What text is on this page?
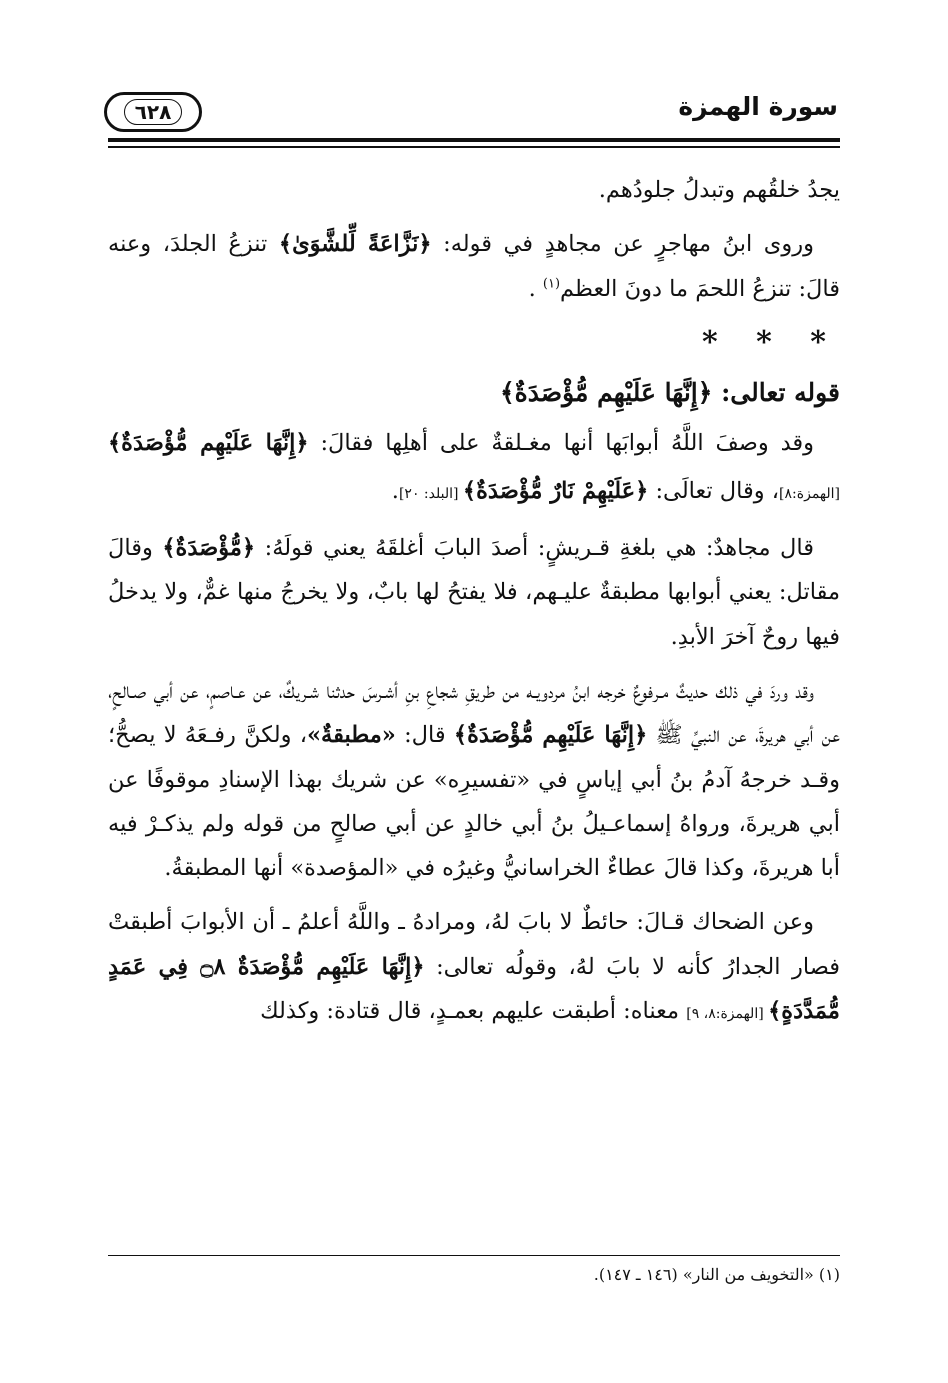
سورة الهمزة
٦٢٨

يجدُ خلقُهم وتبدلُ جلودُهم.

وروى ابنُ مهاجرٍ عن مجاهدٍ في قوله: ﴿نَزَّاعَةً لِّلشَّوَىٰ﴾ تنزعُ الجلدَ، وعنه قالَ: تنزعُ اللحمَ ما دونَ العظم$^{(١)}$ .

* * *
قوله تعالى: ﴿إِنَّهَا عَلَيْهِم مُّؤْصَدَةٌ﴾

وقد وصفَ اللَّهُ أبوابَها أنها مغـلقةٌ على أهلِها فقالَ: ﴿إِنَّهَا عَلَيْهِم مُّؤْصَدَةٌ﴾ [الهمزة:٨]، وقال تعالَى: ﴿عَلَيْهِمْ نَارٌ مُّؤْصَدَةٌ﴾ [البلد: ٢٠].

قال مجاهدٌ: هي بلغةِ قـريشٍ: أصدَ البابَ أغلقَهُ يعني قولَهُ: ﴿مُّؤْصَدَةٌ﴾ وقالَ مقاتل: يعني أبوابها مطبقةٌ عليـهم، فلا يفتحُ لها بابٌ، ولا يخرجُ منها غمٌّ، ولا يدخلُ فيها روحٌ آخرَ الأبدِ.

وقد وردَ في ذلك حديثٌ مـرفوعٌ خرجه ابنُ مردويـه من طريقِ شجاعِ بنِ أشـرسَ حدثنا شـريكٌ، عن عـاصمٍ، عن أبي صـالحٍ، عن أبي هريرةَ، عن النبيِّ ﷺ ﴿إِنَّهَا عَلَيْهِم مُّؤْصَدَةٌ﴾ قال: «مطبقةٌ»، ولكنَّ رفـعَهُ لا يصحُّ؛ وقـد خرجهُ آدمُ بنُ أبي إياسٍ في «تفسيرِه» عن شريك بهذا الإسنادِ موقوفًا عن أبي هريرةَ، ورواهُ إسماعـيلُ بنُ أبي خالدٍ عن أبي صالحٍ من قوله ولم يذكـرْ فيه أبا هريرةَ، وكذا قالَ عطاءٌ الخراسانيُّ وغيرُه في «المؤصدة» أنها المطبقةُ.

وعن الضحاك قـالَ: حائطٌ لا بابَ لهُ، ومرادهُ ـ واللَّهُ أعلمُ ـ أن الأبوابَ أطبقتْ فصار الجدارُ كأنه لا بابَ لهُ، وقولُه تعالى: ﴿إِنَّهَا عَلَيْهِم مُّؤْصَدَةٌ ۝٨ فِي عَمَدٍ مُّمَدَّدَةٍ﴾ [الهمزة:٨، ٩] معناه: أطبقت عليهم بعمـدٍ، قال قتادة: وكذلك

(١) «التخويف من النار» (١٤٦ ـ ١٤٧).
